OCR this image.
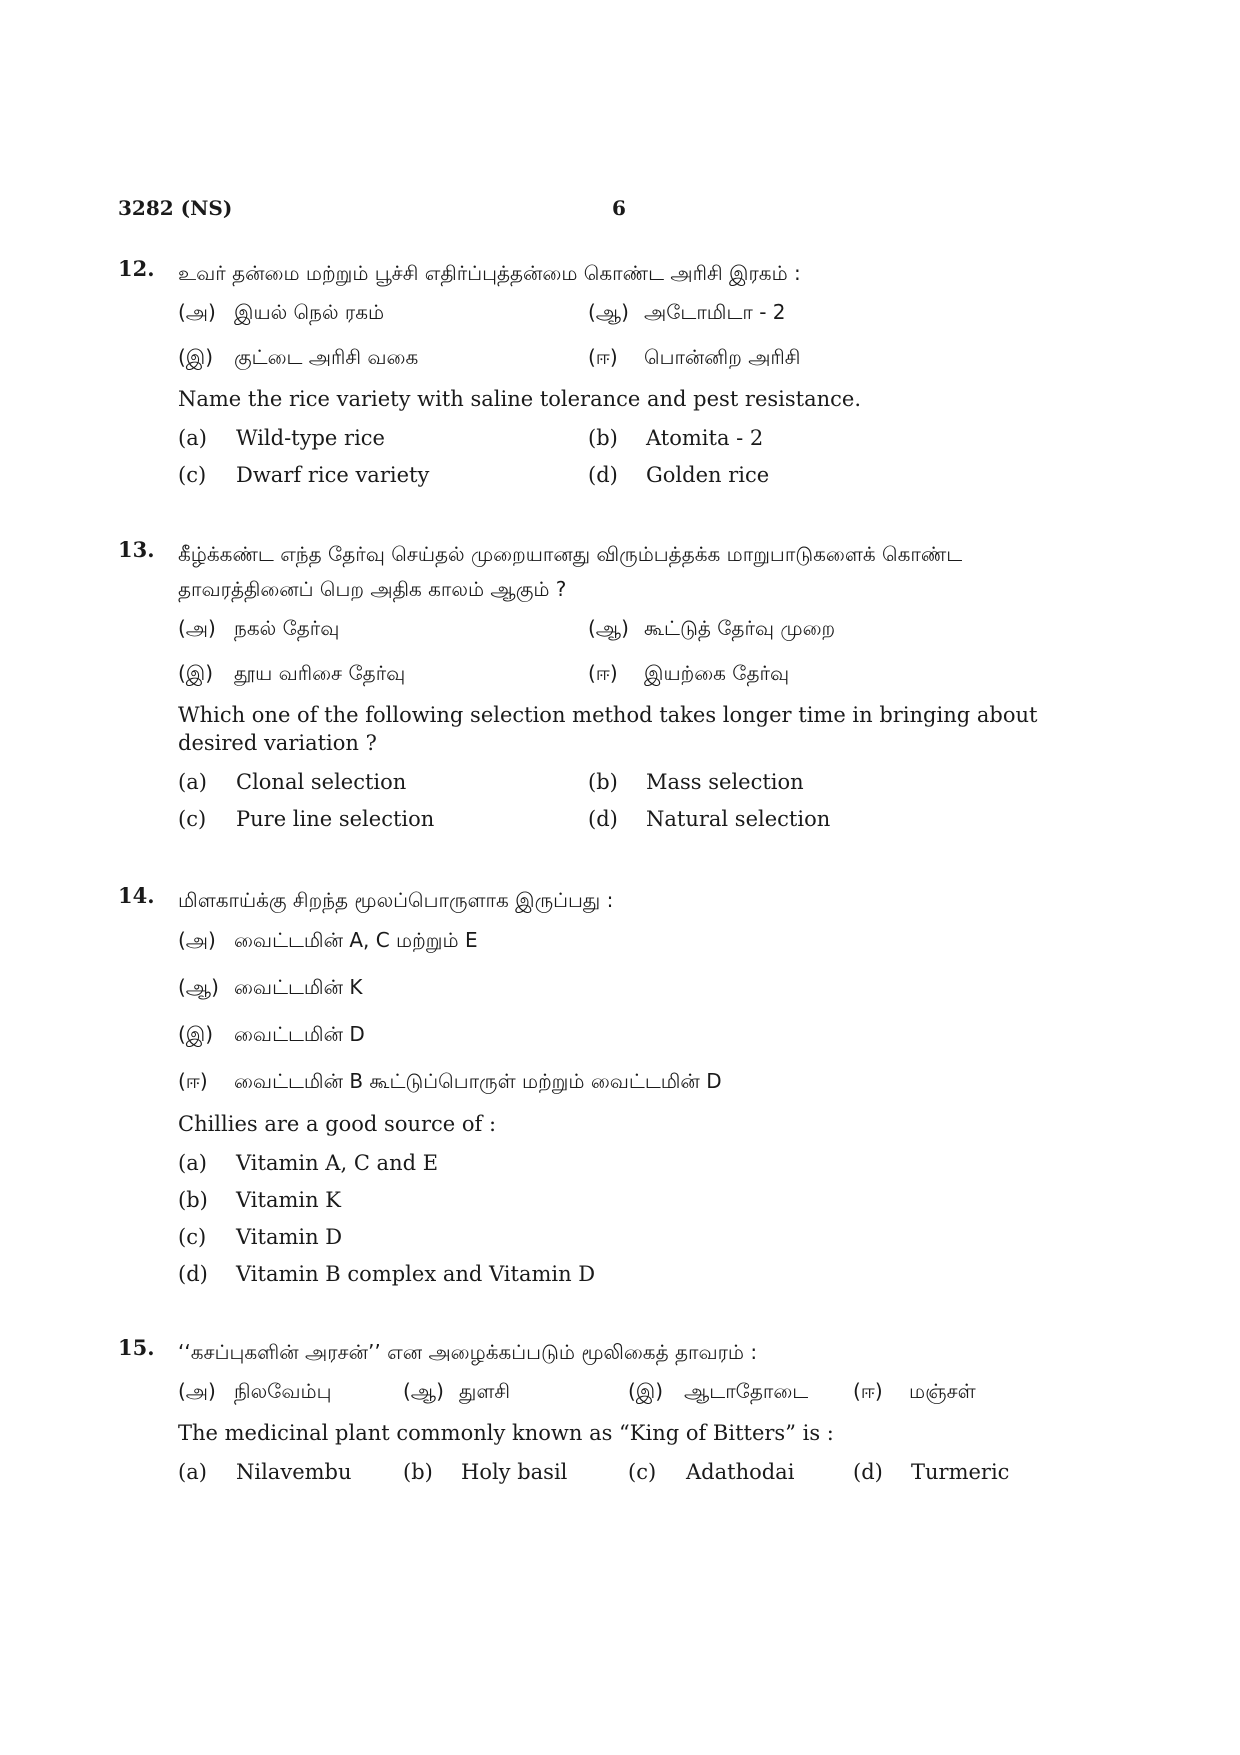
3282 (NS)	6
12. உவர் தன்மை மற்றும் பூச்சி எதிர்ப்புத்தன்மை கொண்ட அரிசி இரகம் :

(அ) இயல் நெல் ரகம்	(ஆ) அடோமிடா - 2
(இ)	குட்டை அரிசி வகை	(ஈ)	பொன்னிற அரிசி

Name the rice variety with saline tolerance and pest resistance.

(a)	Wild-type rice	(b)	Atomita - 2
(c)	Dwarf rice variety	(d)	Golden rice
13. கீழ்க்கண்ட எந்த தேர்வு செய்தல் முறையானது விரும்பத்தக்க மாறுபாடுகளைக் கொண்ட தாவரத்தினைப் பெற அதிக காலம் ஆகும் ?

(அ) நகல் தேர்வு	(ஆ) கூட்டுத் தேர்வு முறை
(இ)	தூய வரிசை தேர்வு	(ஈ)	இயற்கை தேர்வு

Which one of the following selection method takes longer time in bringing about desired variation ?

(a)	Clonal selection	(b)	Mass selection
(c)	Pure line selection	(d)	Natural selection
14. மிளகாய்க்கு சிறந்த மூலப்பொருளாக இருப்பது :

(அ) வைட்டமின் A, C மற்றும் E
(ஆ) வைட்டமின் K
(இ)	வைட்டமின் D
(ஈ)	வைட்டமின் B கூட்டுப்பொருள் மற்றும் வைட்டமின் D

Chillies are a good source of :

(a)	Vitamin A, C and E
(b)	Vitamin K
(c)	Vitamin D
(d)	Vitamin B complex and Vitamin D
15. ‘‘கசப்புகளின் அரசன்’’ என அழைக்கப்படும் மூலிகைத் தாவரம் :

(அ) நிலவேம்பு	(ஆ) துளசி	(இ)	ஆடாதோடை (ஈ)	மஞ்சள்

The medicinal plant commonly known as “King of Bitters” is :

(a)	Nilavembu (b)	Holy basil	(c)	Adathodai	(d)	Turmeric
